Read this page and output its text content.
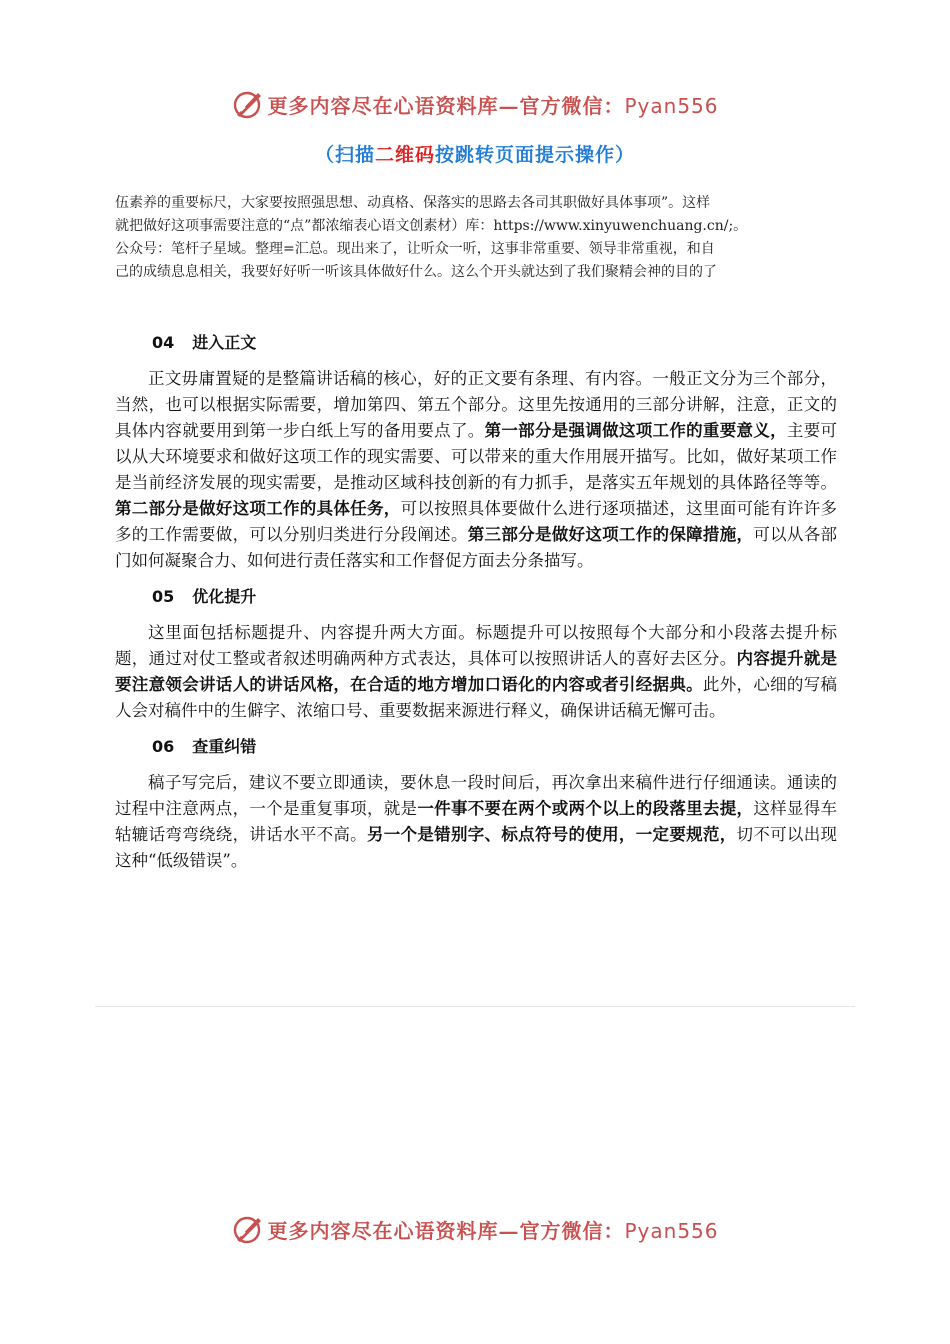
更多内容尽在心语资料库—官方微信：Pyan556
（扫描二维码按跳转页面提示操作）
伍素养的重要标尺，大家要按照强思想、动真格、保落实的思路去各司其职做好具体事项”。这样
就把做好这项事需要注意的“点”都浓缩表心语文创素材）库：https://www.xinyuwenchuang.cn/;。
公众号：笔杆子星域。整理=汇总。现出来了，让听众一听，这事非常重要、领导非常重视，和自
己的成绩息息相关，我要好好听一听该具体做好什么。这么个开头就达到了我们聚精会神的目的了
04 进入正文

正文毋庸置疑的是整篇讲话稿的核心，好的正文要有条理、有内容。一般正文分为三个部分，当然，也可以根据实际需要，增加第四、第五个部分。这里先按通用的三部分讲解，注意，正文的具体内容就要用到第一步白纸上写的备用要点了。第一部分是强调做这项工作的重要意义，主要可以从大环境要求和做好这项工作的现实需要、可以带来的重大作用展开描写。比如，做好某项工作是当前经济发展的现实需要，是推动区域科技创新的有力抓手，是落实五年规划的具体路径等等。第二部分是做好这项工作的具体任务，可以按照具体要做什么进行逐项描述，这里面可能有许许多多的工作需要做，可以分别归类进行分段阐述。第三部分是做好这项工作的保障措施，可以从各部门如何凝聚合力、如何进行责任落实和工作督促方面去分条描写。

05 优化提升

这里面包括标题提升、内容提升两大方面。标题提升可以按照每个大部分和小段落去提升标题，通过对仗工整或者叙述明确两种方式表达，具体可以按照讲话人的喜好去区分。内容提升就是要注意领会讲话人的讲话风格，在合适的地方增加口语化的内容或者引经据典。此外，心细的写稿人会对稿件中的生僻字、浓缩口号、重要数据来源进行释义，确保讲话稿无懈可击。

06 查重纠错

稿子写完后，建议不要立即通读，要休息一段时间后，再次拿出来稿件进行仔细通读。通读的过程中注意两点，一个是重复事项，就是一件事不要在两个或两个以上的段落里去提，这样显得车轱辘话弯弯绕绕，讲话水平不高。另一个是错别字、标点符号的使用，一定要规范，切不可以出现这种“低级错误”。

更多内容尽在心语资料库—官方微信：Pyan556
